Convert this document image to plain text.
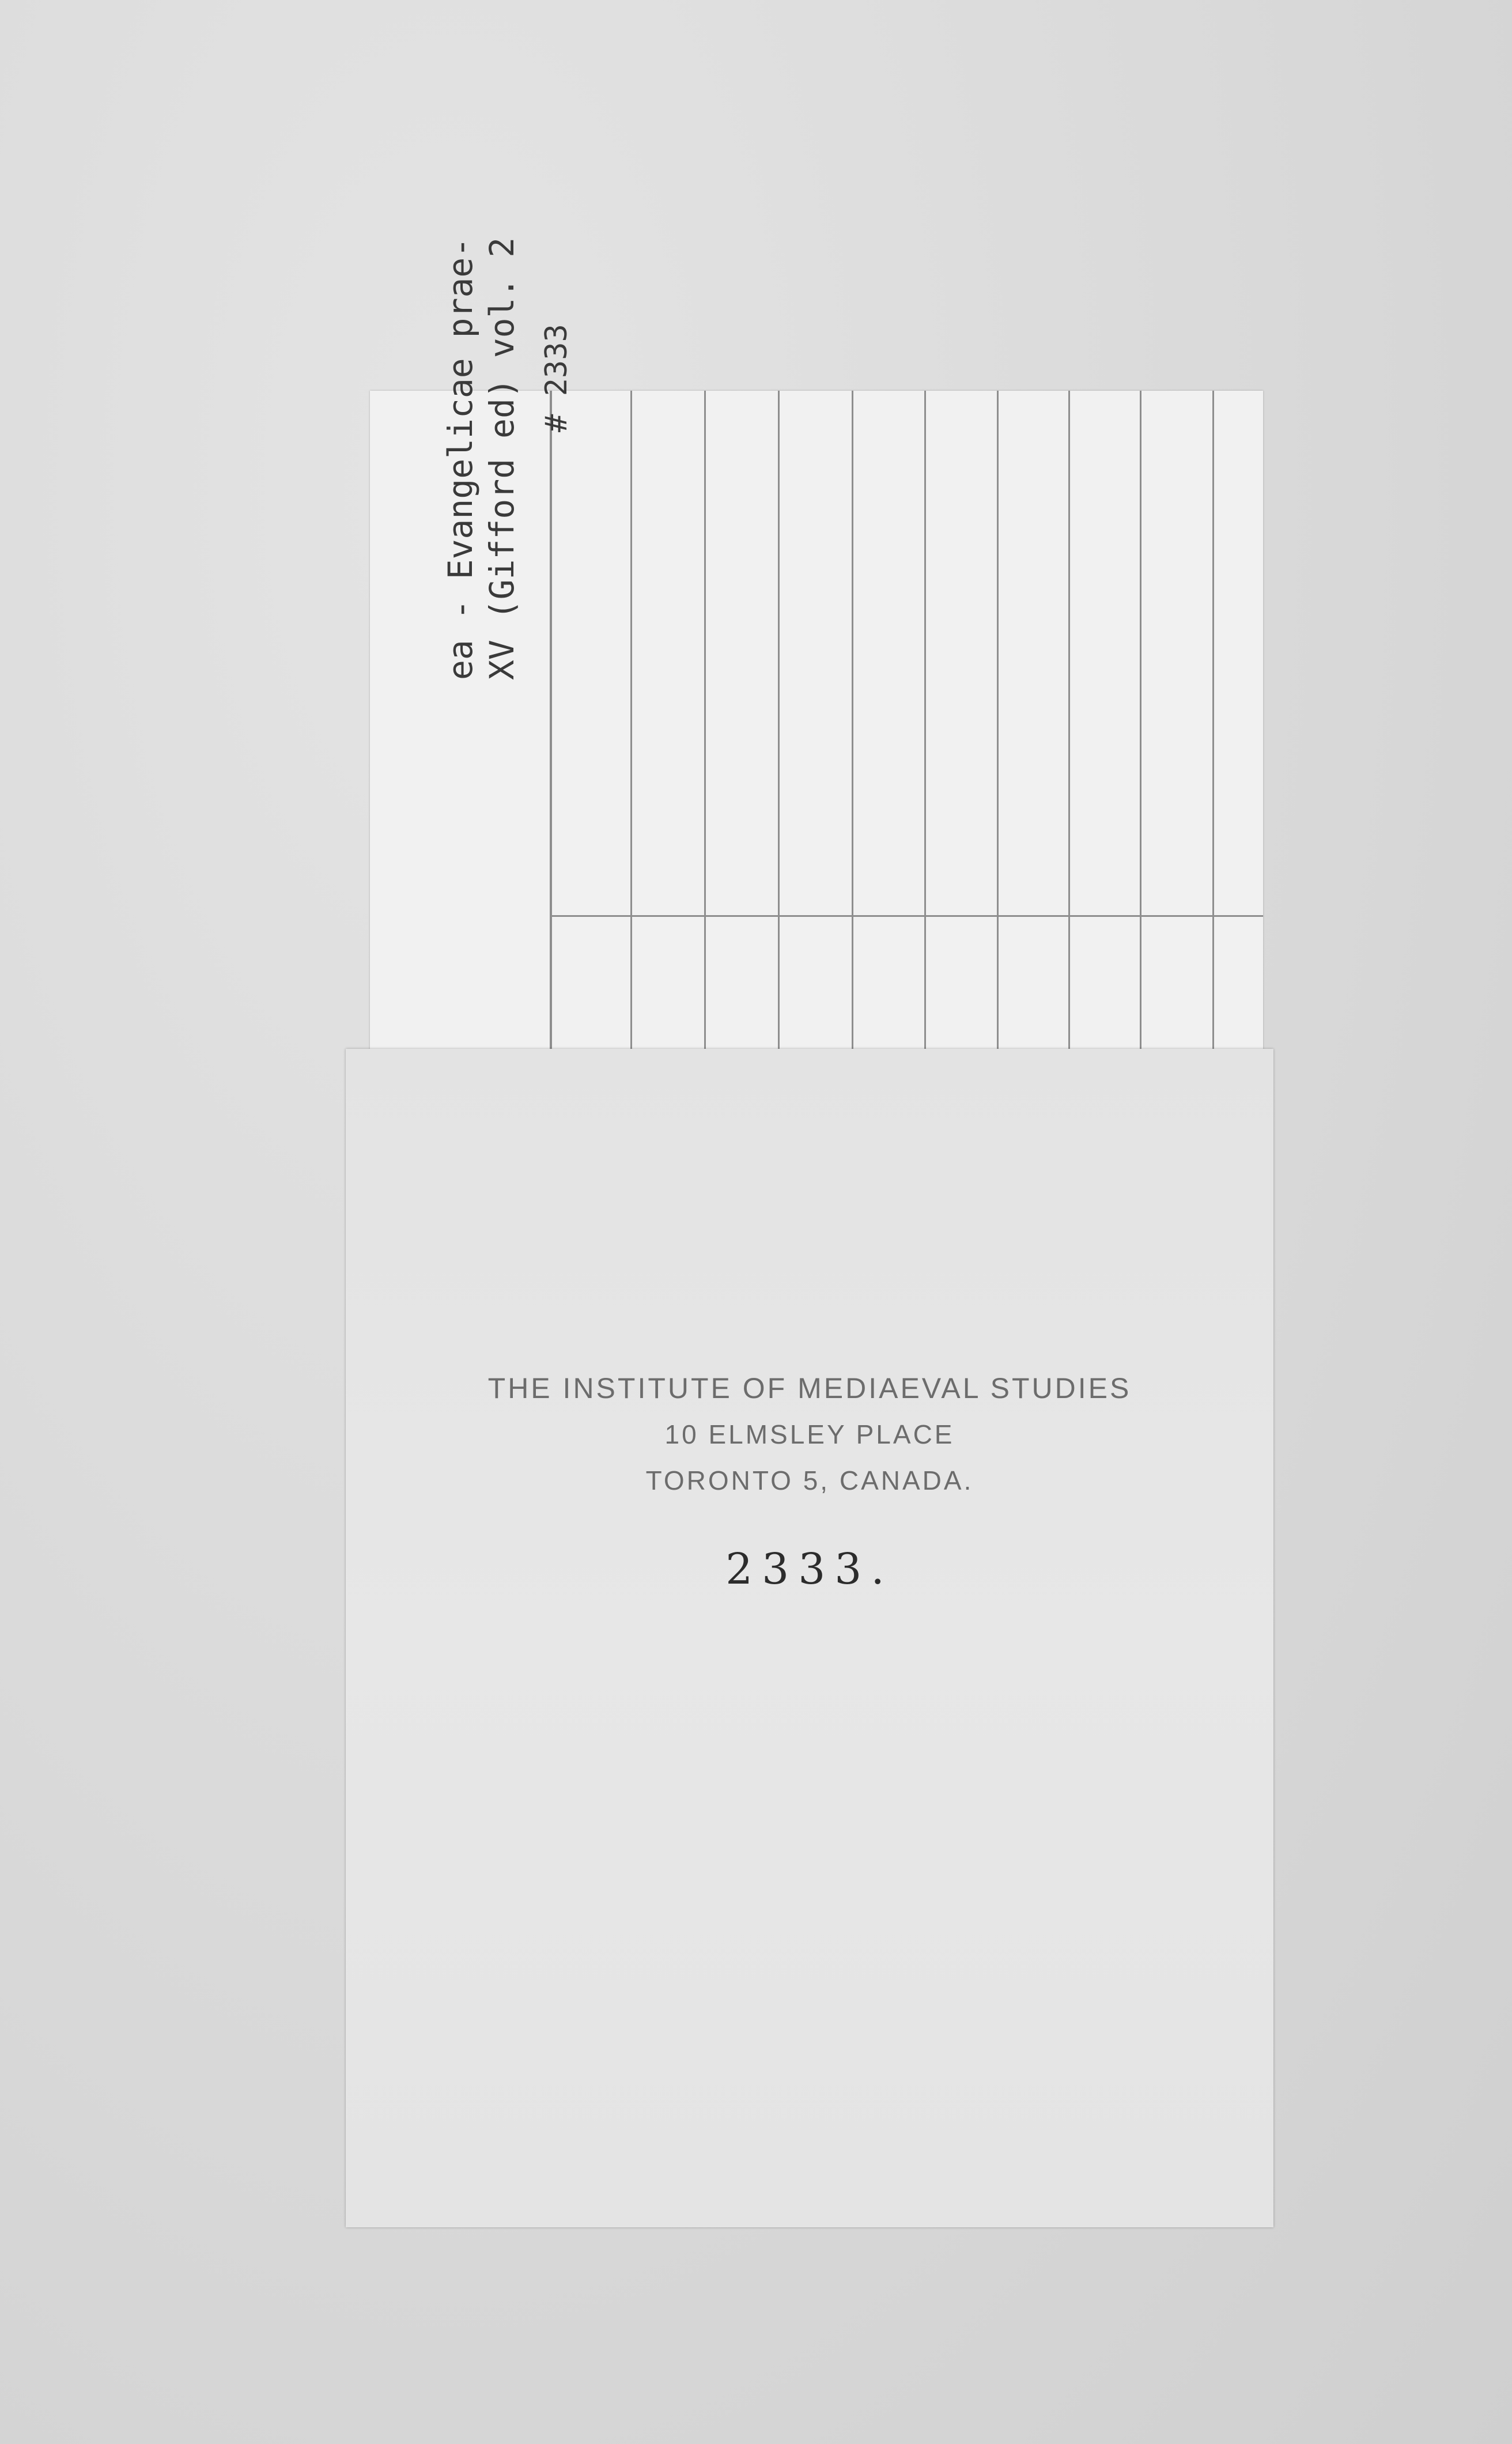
ea - Evangelicae prae- XV (Gifford ed) vol. 2 # 2333
THE INSTITUTE OF MEDIAEVAL STUDIES
10 ELMSLEY PLACE
TORONTO 5, CANADA.
2333.
